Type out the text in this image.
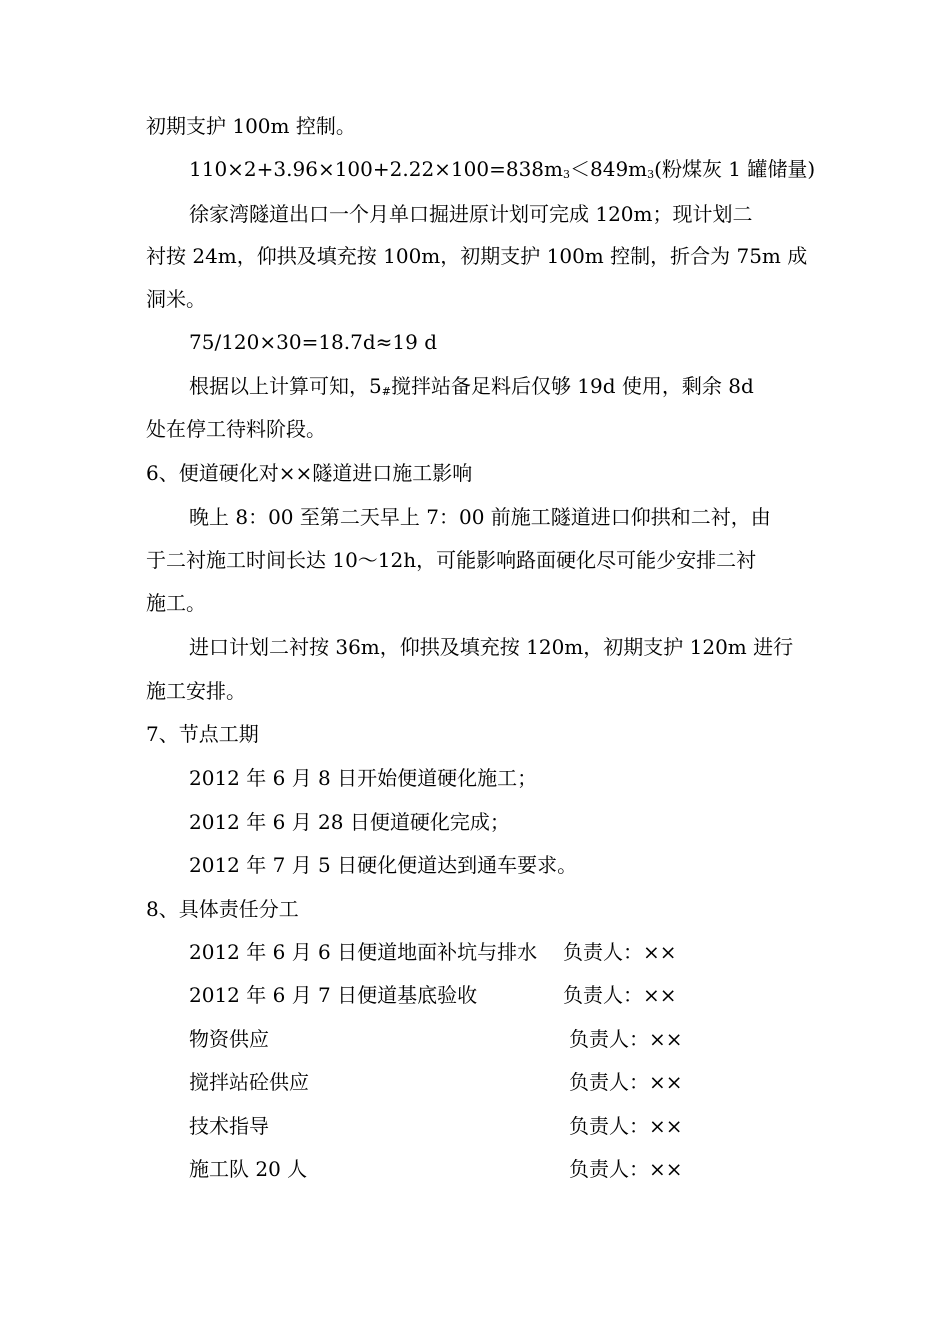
初期支护 100m 控制。
110×2+3.96×100+2.22×100=838m3＜849m3(粉煤灰 1 罐储量)
徐家湾隧道出口一个月单口掘进原计划可完成 120m；现计划二
衬按 24m，仰拱及填充按 100m，初期支护 100m 控制，折合为 75m 成
洞米。
75/120×30=18.7d≈19 d
根据以上计算可知，5#搅拌站备足料后仅够 19d 使用，剩余 8d
处在停工待料阶段。
6、便道硬化对××隧道进口施工影响
晚上 8：00 至第二天早上 7：00 前施工隧道进口仰拱和二衬，由
于二衬施工时间长达 10～12h，可能影响路面硬化尽可能少安排二衬
施工。
进口计划二衬按 36m，仰拱及填充按 120m，初期支护 120m 进行
施工安排。
7、节点工期
2012 年 6 月 8 日开始便道硬化施工；
2012 年 6 月 28 日便道硬化完成；
2012 年 7 月 5 日硬化便道达到通车要求。
8、具体责任分工
2012 年 6 月 6 日便道地面补坑与排水 负责人：××
2012 年 6 月 7 日便道基底验收	负责人：××
物资供应	负责人：××
搅拌站砼供应	负责人：××
技术指导	负责人：××
施工队 20 人	负责人：××
